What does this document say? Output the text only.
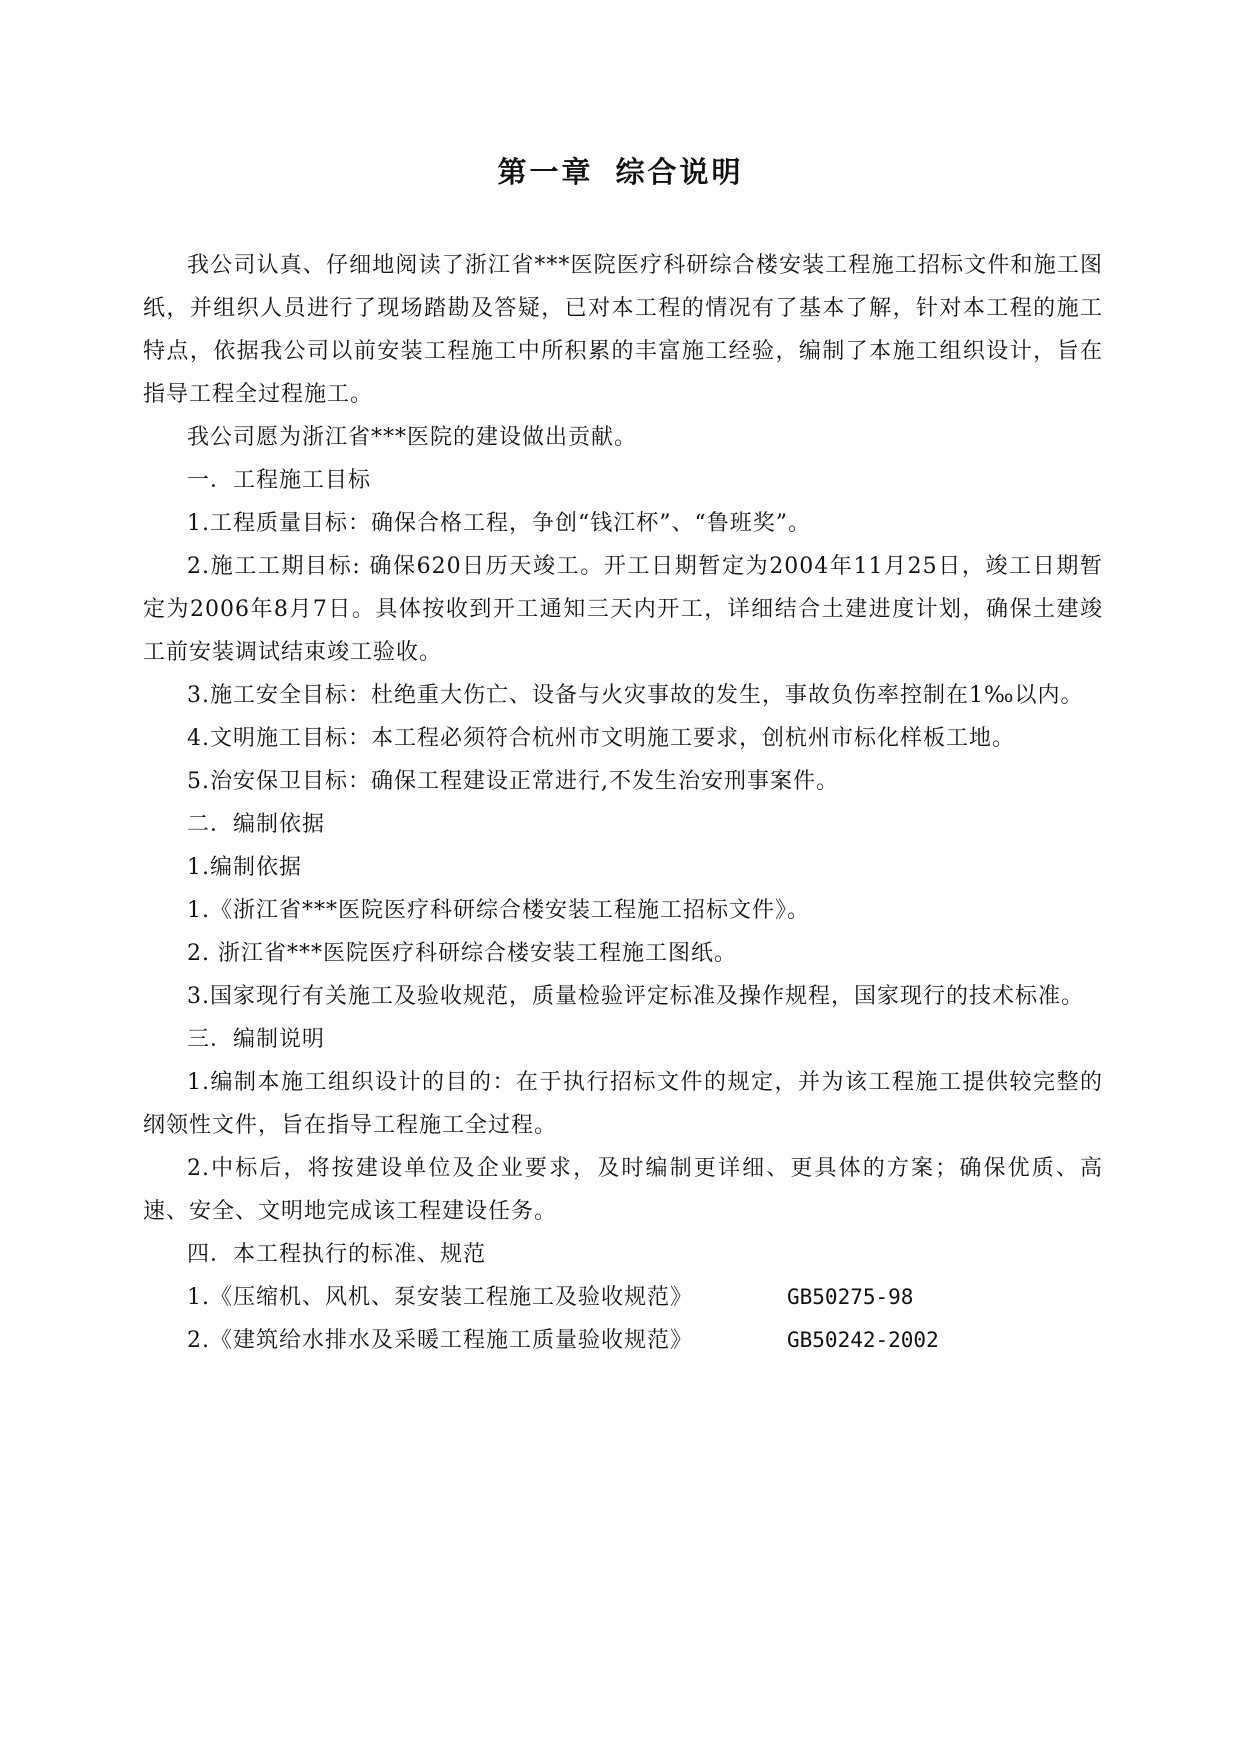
第一章 综合说明

我公司认真、仔细地阅读了浙江省***医院医疗科研综合楼安装工程施工招标文件和施工图纸，并组织人员进行了现场踏勘及答疑，已对本工程的情况有了基本了解，针对本工程的施工特点，依据我公司以前安装工程施工中所积累的丰富施工经验，编制了本施工组织设计，旨在指导工程全过程施工。

我公司愿为浙江省***医院的建设做出贡献。

一．工程施工目标

1.工程质量目标：确保合格工程，争创“钱江杯”、“鲁班奖”。

2.施工工期目标: 确保620日历天竣工。开工日期暂定为2004年11月25日，竣工日期暂定为2006年8月7日。具体按收到开工通知三天内开工，详细结合土建进度计划，确保土建竣工前安装调试结束竣工验收。

3.施工安全目标：杜绝重大伤亡、设备与火灾事故的发生，事故负伤率控制在1‰以内。

4.文明施工目标：本工程必须符合杭州市文明施工要求，创杭州市标化样板工地。

5.治安保卫目标：确保工程建设正常进行,不发生治安刑事案件。

二．编制依据

1.编制依据

1.《浙江省***医院医疗科研综合楼安装工程施工招标文件》。

2. 浙江省***医院医疗科研综合楼安装工程施工图纸。

3.国家现行有关施工及验收规范，质量检验评定标准及操作规程，国家现行的技术标准。

三．编制说明

1.编制本施工组织设计的目的：在于执行招标文件的规定，并为该工程施工提供较完整的纲领性文件，旨在指导工程施工全过程。

2.中标后，将按建设单位及企业要求，及时编制更详细、更具体的方案；确保优质、高速、安全、文明地完成该工程建设任务。

四．本工程执行的标准、规范

1.《压缩机、风机、泵安装工程施工及验收规范》	GB50275-98

2.《建筑给水排水及采暖工程施工质量验收规范》	GB50242-2002
